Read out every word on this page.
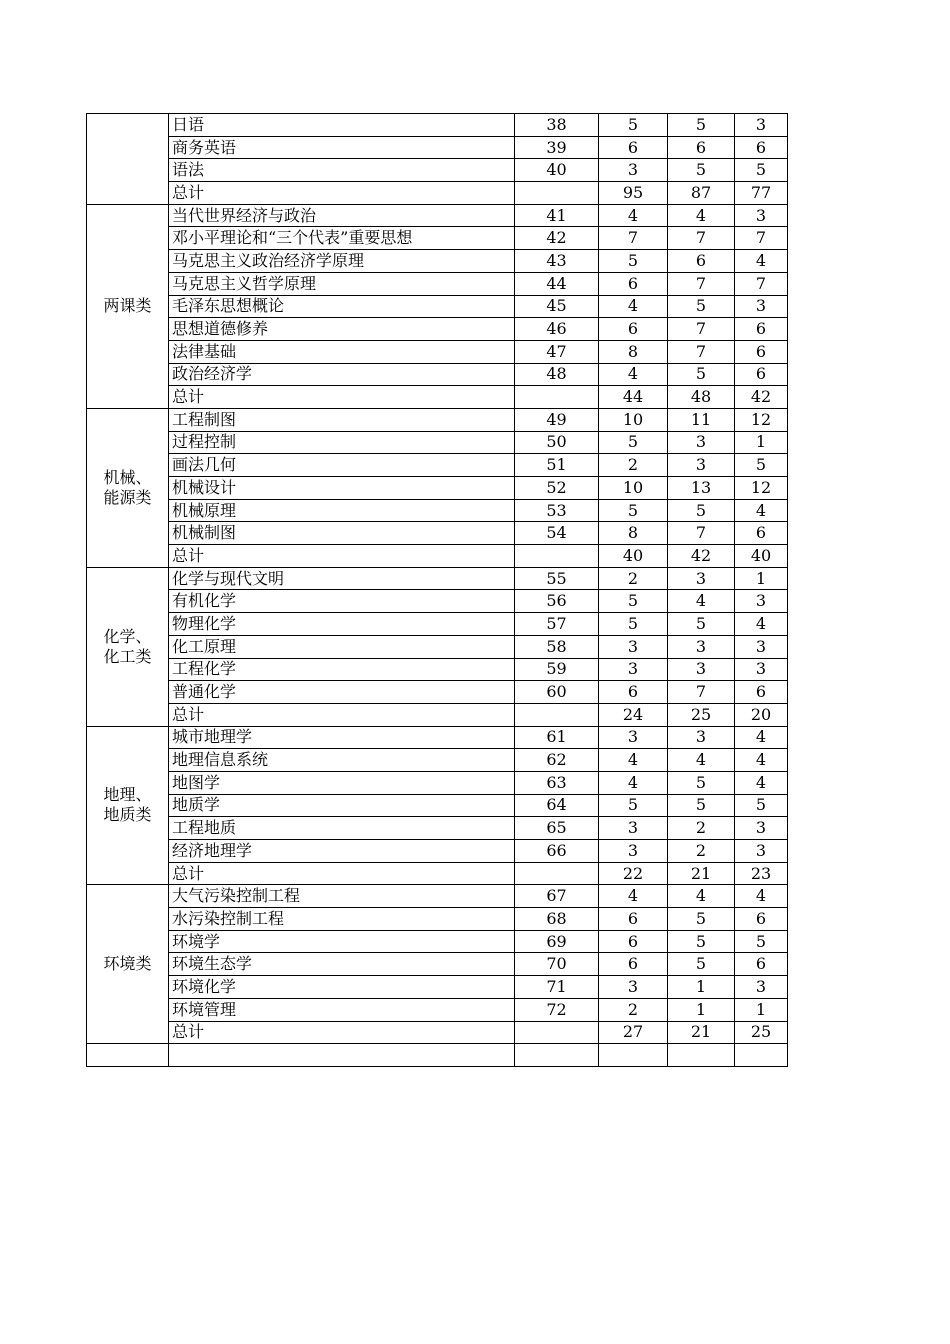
	日语	38	5	5	3
	商务英语	39	6	6	6
	语法	40	3	5	5
	总计		95	87	77
两课类	当代世界经济与政治	41	4	4	3
	邓小平理论和“三个代表”重要思想	42	7	7	7
	马克思主义政治经济学原理	43	5	6	4
	马克思主义哲学原理	44	6	7	7
	毛泽东思想概论	45	4	5	3
	思想道德修养	46	6	7	6
	法律基础	47	8	7	6
	政治经济学	48	4	5	6
	总计		44	48	42
机械、
能源类	工程制图	49	10	11	12
	过程控制	50	5	3	1
	画法几何	51	2	3	5
	机械设计	52	10	13	12
	机械原理	53	5	5	4
	机械制图	54	8	7	6
	总计		40	42	40
化学、
化工类	化学与现代文明	55	2	3	1
	有机化学	56	5	4	3
	物理化学	57	5	5	4
	化工原理	58	3	3	3
	工程化学	59	3	3	3
	普通化学	60	6	7	6
	总计		24	25	20
地理、
地质类	城市地理学	61	3	3	4
	地理信息系统	62	4	4	4
	地图学	63	4	5	4
	地质学	64	5	5	5
	工程地质	65	3	2	3
	经济地理学	66	3	2	3
	总计		22	21	23
环境类	大气污染控制工程	67	4	4	4
	水污染控制工程	68	6	5	6
	环境学	69	6	5	5
	环境生态学	70	6	5	6
	环境化学	71	3	1	3
	环境管理	72	2	1	1
	总计		27	21	25
